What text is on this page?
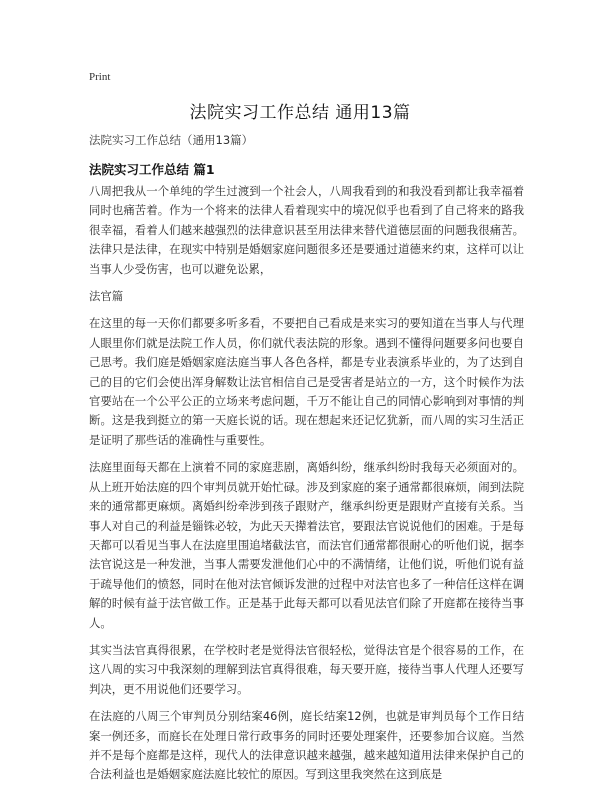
Print
法院实习工作总结 通用13篇
法院实习工作总结（通用13篇）
法院实习工作总结 篇1

八周把我从一个单纯的学生过渡到一个社会人，八周我看到的和我没看到都让我幸福着同时也痛苦着。作为一个将来的法律人看着现实中的境况似乎也看到了自己将来的路我很幸福，看着人们越来越强烈的法律意识甚至用法律来替代道德层面的问题我很痛苦。法律只是法律，在现实中特别是婚姻家庭问题很多还是要通过道德来约束，这样可以让当事人少受伤害，也可以避免讼累，

法官篇

在这里的每一天你们都要多听多看，不要把自己看成是来实习的要知道在当事人与代理人眼里你们就是法院工作人员，你们就代表法院的形象。遇到不懂得问题要多问也要自己思考。我们庭是婚姻家庭法庭当事人各色各样，都是专业表演系毕业的，为了达到自己的目的它们会使出浑身解数让法官相信自己是受害者是站立的一方，这个时候作为法官要站在一个公平公正的立场来考虑问题，千万不能让自己的同情心影响到对事情的判断。这是我到挺立的第一天庭长说的话。现在想起来还记忆犹新，而八周的实习生活正是证明了那些话的准确性与重要性。

法庭里面每天都在上演着不同的家庭悲剧，离婚纠纷，继承纠纷时我每天必须面对的。从上班开始法庭的四个审判员就开始忙碌。涉及到家庭的案子通常都很麻烦，闹到法院来的通常都更麻烦。离婚纠纷牵涉到孩子跟财产，继承纠纷更是跟财产直接有关系。当事人对自己的利益是锱铢必较，为此天天撵着法官，要跟法官说说他们的困难。于是每天都可以看见当事人在法庭里围追堵截法官，而法官们通常都很耐心的听他们说，据李法官说这是一种发泄，当事人需要发泄他们心中的不满情绪，让他们说，听他们说有益于疏导他们的愤怒，同时在他对法官倾诉发泄的过程中对法官也多了一种信任这样在调解的时候有益于法官做工作。正是基于此每天都可以看见法官们除了开庭都在接待当事人。

其实当法官真得很累，在学校时老是觉得法官很轻松，觉得法官是个很容易的工作，在这八周的实习中我深刻的理解到法官真得很难，每天要开庭，接待当事人代理人还要写判决，更不用说他们还要学习。

在法庭的八周三个审判员分别结案46例，庭长结案12例，也就是审判员每个工作日结案一例还多，而庭长在处理日常行政事务的同时还要处理案件，还要参加合议庭。当然并不是每个庭都是这样，现代人的法律意识越来越强，越来越知道用法律来保护自己的合法利益也是婚姻家庭法庭比较忙的原因。写到这里我突然在这到底是
